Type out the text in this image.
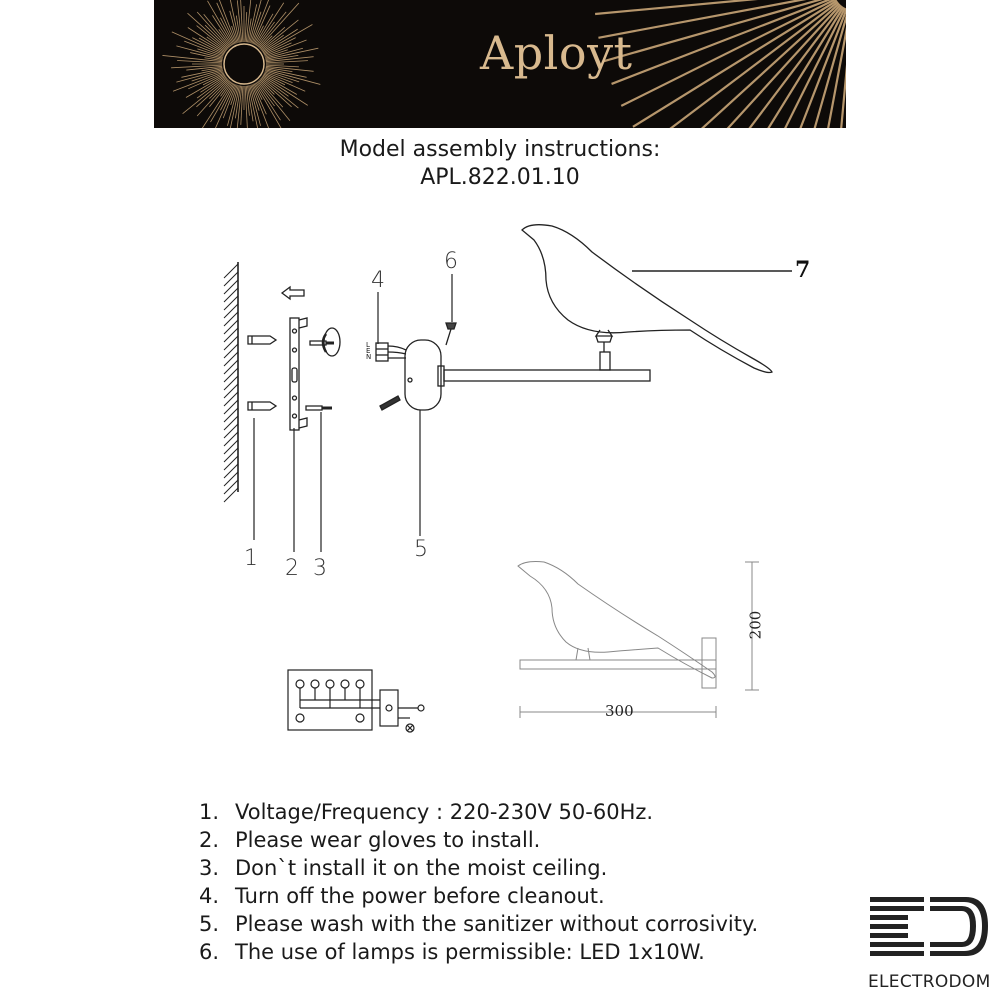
Aployt
Model assembly instructions:
APL.822.01.10
1 2 3
4
5
6	7
L
E
N
300
200
1. Voltage/Frequency : 220-230V 50-60Hz.
2. Please wear gloves to install.
3. Don`t install it on the moist ceiling.
4. Turn off the power before cleanout.
5. Please wash with the sanitizer without corrosivity.
6. The use of lamps is permissible: LED 1x10W.
ELECTRODOM
